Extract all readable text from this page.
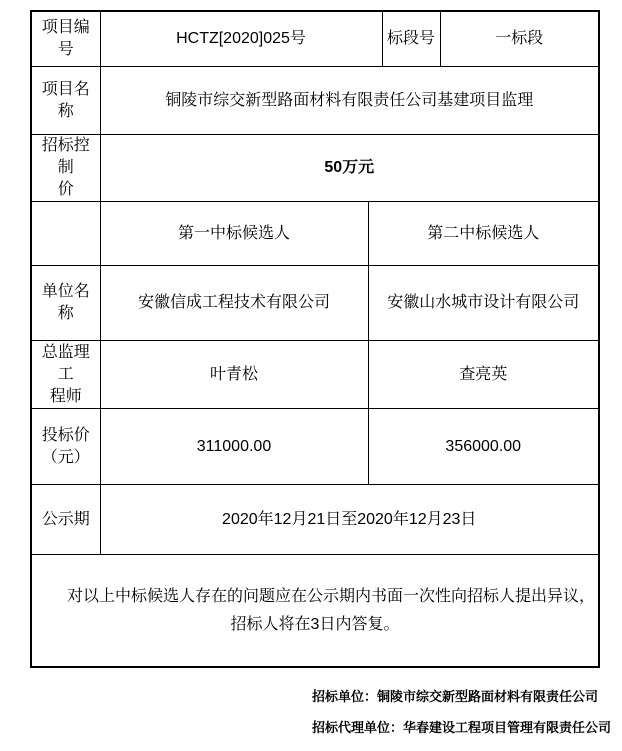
项目编号	HCTZ[2020]025号		标段号	一标段
项目名称	铜陵市综交新型路面材料有限责任公司基建项目监理			

招标控制
价	50万元			
	第一中标候选人	第二中标候选人		
单位名称	安徽信成工程技术有限公司	安徽山水城市设计有限公司		

总监理工
程师	叶青松	查亮英		

投标价
（元）	311000.00	356000.00		
公示期	2020年12月21日至2020年12月23日			

对以上中标候选人存在的问题应在公示期内书面一次性向招标人提出异议，招标人将在3日内答复。				

招标单位：铜陵市综交新型路面材料有限责任公司
招标代理单位：华春建设工程项目管理有限责任公司
